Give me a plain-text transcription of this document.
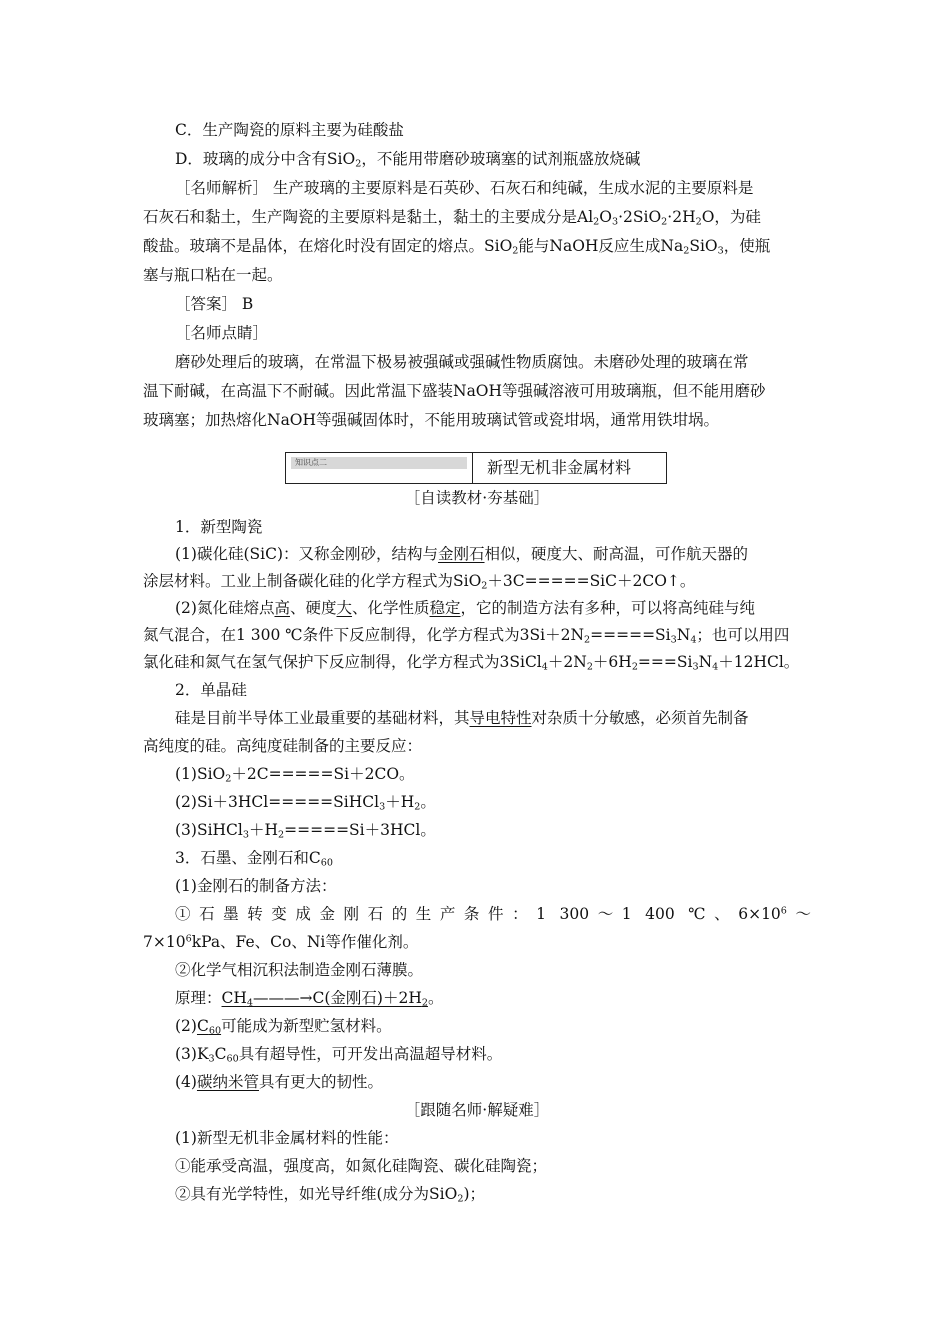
C．生产陶瓷的原料主要为硅酸盐
D．玻璃的成分中含有SiO$_2$，不能用带磨砂玻璃塞的试剂瓶盛放烧碱
［名师解析］ 生产玻璃的主要原料是石英砂、石灰石和纯碱，生成水泥的主要原料是
石灰石和黏土，生产陶瓷的主要原料是黏土，黏土的主要成分是$Al_2O_3\cdot 2SiO_2\cdot 2H_2O$，为硅
酸盐。玻璃不是晶体，在熔化时没有固定的熔点。SiO$_2$能与NaOH反应生成$Na_2SiO_3$，使瓶
塞与瓶口粘在一起。
［答案］ B
［名师点睛］
磨砂处理后的玻璃，在常温下极易被强碱或强碱性物质腐蚀。未磨砂处理的玻璃在常
温下耐碱，在高温下不耐碱。因此常温下盛装NaOH等强碱溶液可用玻璃瓶，但不能用磨砂
玻璃塞；加热熔化NaOH等强碱固体时，不能用玻璃试管或瓷坩埚，通常用铁坩埚。
知识点二	新型无机非金属材料
［自读教材·夯基础］
1．新型陶瓷
(1)碳化硅(SiC)：又称金刚砂，结构与金刚石相似，硬度大、耐高温，可作航天器的
涂层材料。工业上制备碳化硅的化学方程式为SiO$_2$＋3C=====SiC＋2CO↑。
(2)氮化硅熔点高、硬度大、化学性质稳定，它的制造方法有多种，可以将高纯硅与纯
氮气混合，在1 300 ℃条件下反应制得，化学方程式为$3Si+2N_2=====Si_3N_4$；也可以用四
氯化硅和氮气在氢气保护下反应制得，化学方程式为$3SiCl_4+2N_2+6H_2===Si_3N_4+12HCl$。
2．单晶硅
硅是目前半导体工业最重要的基础材料，其导电特性对杂质十分敏感，必须首先制备
高纯度的硅。高纯度硅制备的主要反应：
(1)SiO$_2$＋2C=====Si＋2CO。
$(2)Si+3HCl=====SiHCl_3+H_2$。
$(3)SiHCl_3+H_2=====Si+3HCl$。
3．石墨、金刚石和$C_{60}$
(1)金刚石的制备方法：
①石墨转变成金刚石的生产条件：1 300～1 400 ℃、$6\times 10^6\sim$
$7\times 10^6kPa$、Fe、Co、Ni等作催化剂。
②化学气相沉积法制造金刚石薄膜。
原理：$CH_4———\to C$(金刚石)$+2H_2$。
$(2)C_{60}$可能成为新型贮氢材料。
$(3)K_3C_{60}$具有超导性，可开发出高温超导材料。
(4)碳纳米管具有更大的韧性。
［跟随名师·解疑难］
(1)新型无机非金属材料的性能：
①能承受高温，强度高，如氮化硅陶瓷、碳化硅陶瓷；
②具有光学特性，如光导纤维(成分为SiO$_2$)；
